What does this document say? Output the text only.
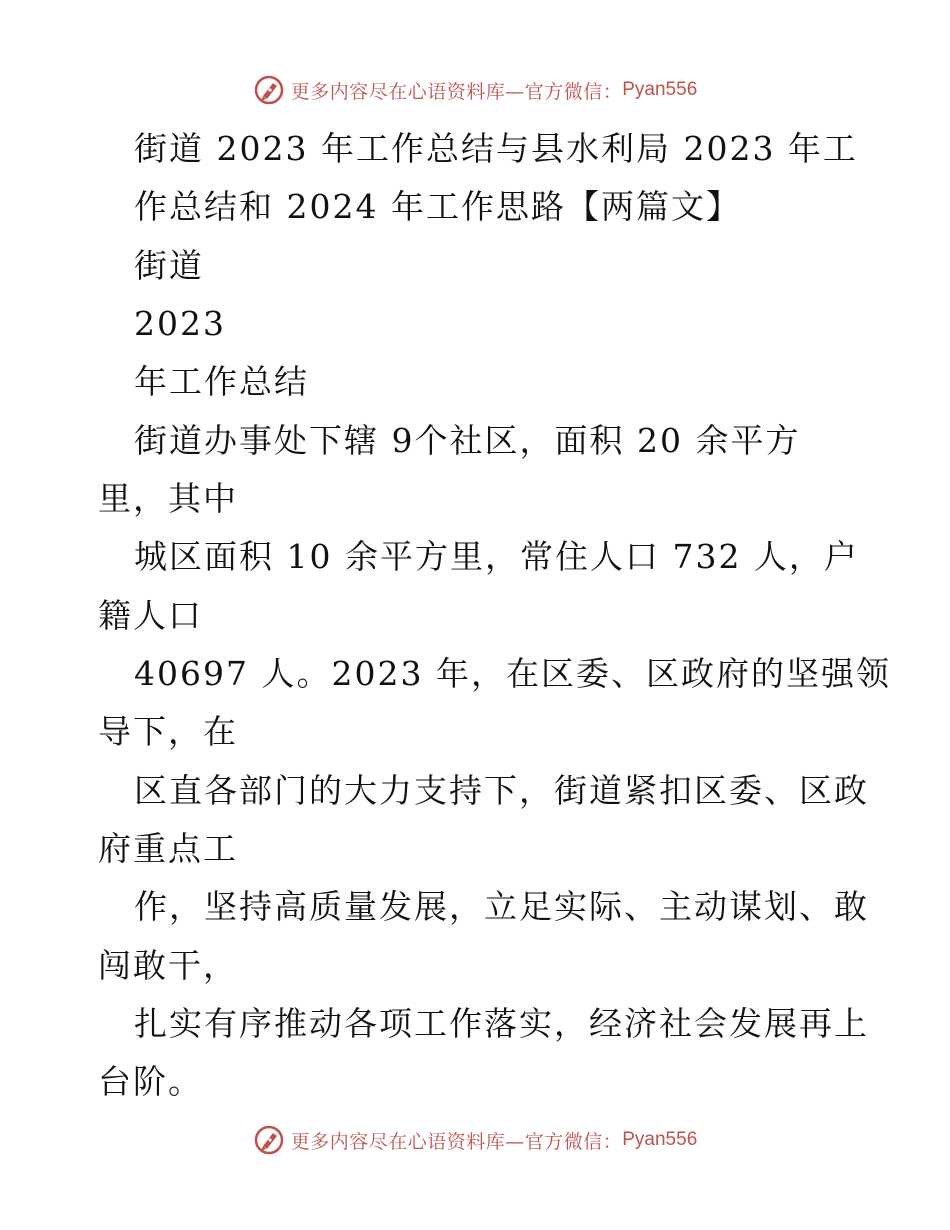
更多内容尽在心语资料库—官方微信： Pyan556
街道 2023 年工作总结与县水利局 2023 年工
作总结和 2024 年工作思路【两篇文】
街道
2023
年工作总结
街道办事处下辖 9个社区，面积 20 余平方
里，其中
城区面积 10 余平方里，常住人口 732 人，户
籍人口
40697 人。2023 年，在区委、区政府的坚强领
导下，在
区直各部门的大力支持下，街道紧扣区委、区政
府重点工
作，坚持高质量发展，立足实际、主动谋划、敢
闯敢干，
扎实有序推动各项工作落实，经济社会发展再上
台阶。
更多内容尽在心语资料库—官方微信： Pyan556
